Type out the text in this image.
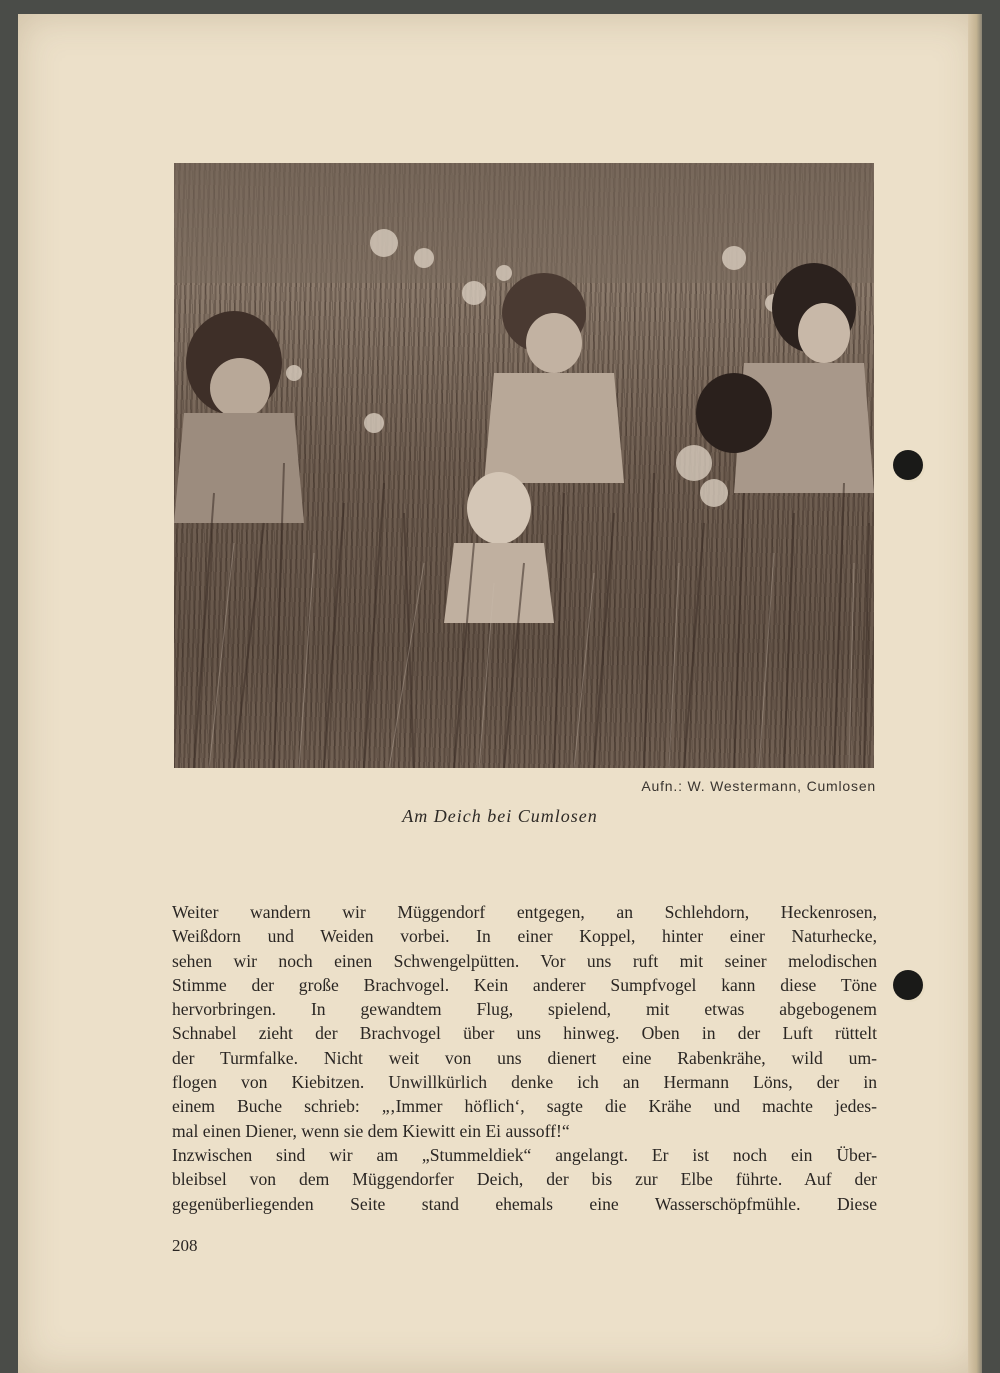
Aufn.: W. Westermann, Cumlosen
Am Deich bei Cumlosen
Weiter wandern wir Müggendorf entgegen, an Schlehdorn, Heckenrosen,
Weißdorn und Weiden vorbei. In einer Koppel, hinter einer Naturhecke,
sehen wir noch einen Schwengelpütten. Vor uns ruft mit seiner melodischen
Stimme der große Brachvogel. Kein anderer Sumpfvogel kann diese Töne
hervorbringen. In gewandtem Flug, spielend, mit etwas abgebogenem
Schnabel zieht der Brachvogel über uns hinweg. Oben in der Luft rüttelt
der Turmfalke. Nicht weit von uns dienert eine Rabenkrähe, wild um-
flogen von Kiebitzen. Unwillkürlich denke ich an Hermann Löns, der in
einem Buche schrieb: „‚Immer höflich‘, sagte die Krähe und machte jedes-
mal einen Diener, wenn sie dem Kiewitt ein Ei aussoff!“
Inzwischen sind wir am „Stummeldiek“ angelangt. Er ist noch ein Über-
bleibsel von dem Müggendorfer Deich, der bis zur Elbe führte. Auf der
gegenüberliegenden Seite stand ehemals eine Wasserschöpfmühle. Diese
208
